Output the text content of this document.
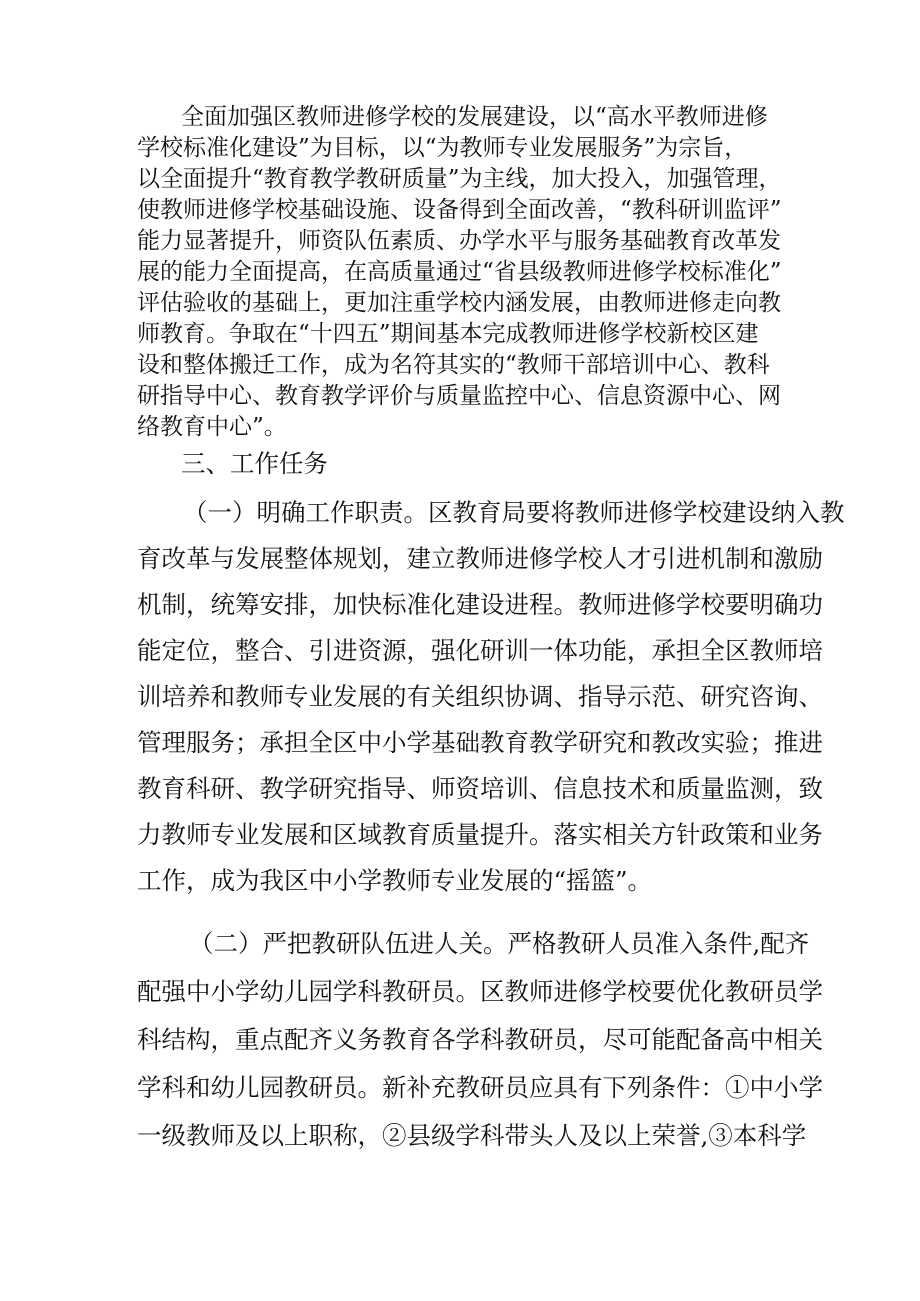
全面加强区教师进修学校的发展建设，以“高水平教师进修
学校标准化建设”为目标，以“为教师专业发展服务”为宗旨，
以全面提升“教育教学教研质量”为主线，加大投入，加强管理，
使教师进修学校基础设施、设备得到全面改善，“教科研训监评”
能力显著提升，师资队伍素质、办学水平与服务基础教育改革发
展的能力全面提高，在高质量通过“省县级教师进修学校标准化”
评估验收的基础上，更加注重学校内涵发展，由教师进修走向教
师教育。争取在“十四五”期间基本完成教师进修学校新校区建
设和整体搬迁工作，成为名符其实的“教师干部培训中心、教科
研指导中心、教育教学评价与质量监控中心、信息资源中心、网
络教育中心”。
三、工作任务
（一）明确工作职责。区教育局要将教师进修学校建设纳入教
育改革与发展整体规划，建立教师进修学校人才引进机制和激励
机制，统筹安排，加快标准化建设进程。教师进修学校要明确功
能定位，整合、引进资源，强化研训一体功能，承担全区教师培
训培养和教师专业发展的有关组织协调、指导示范、研究咨询、
管理服务；承担全区中小学基础教育教学研究和教改实验；推进
教育科研、教学研究指导、师资培训、信息技术和质量监测，致
力教师专业发展和区域教育质量提升。落实相关方针政策和业务
工作，成为我区中小学教师专业发展的“摇篮”。
（二）严把教研队伍进人关。严格教研人员准入条件,配齐
配强中小学幼儿园学科教研员。区教师进修学校要优化教研员学
科结构，重点配齐义务教育各学科教研员，尽可能配备高中相关
学科和幼儿园教研员。新补充教研员应具有下列条件：①中小学
一级教师及以上职称，②县级学科带头人及以上荣誉,③本科学
